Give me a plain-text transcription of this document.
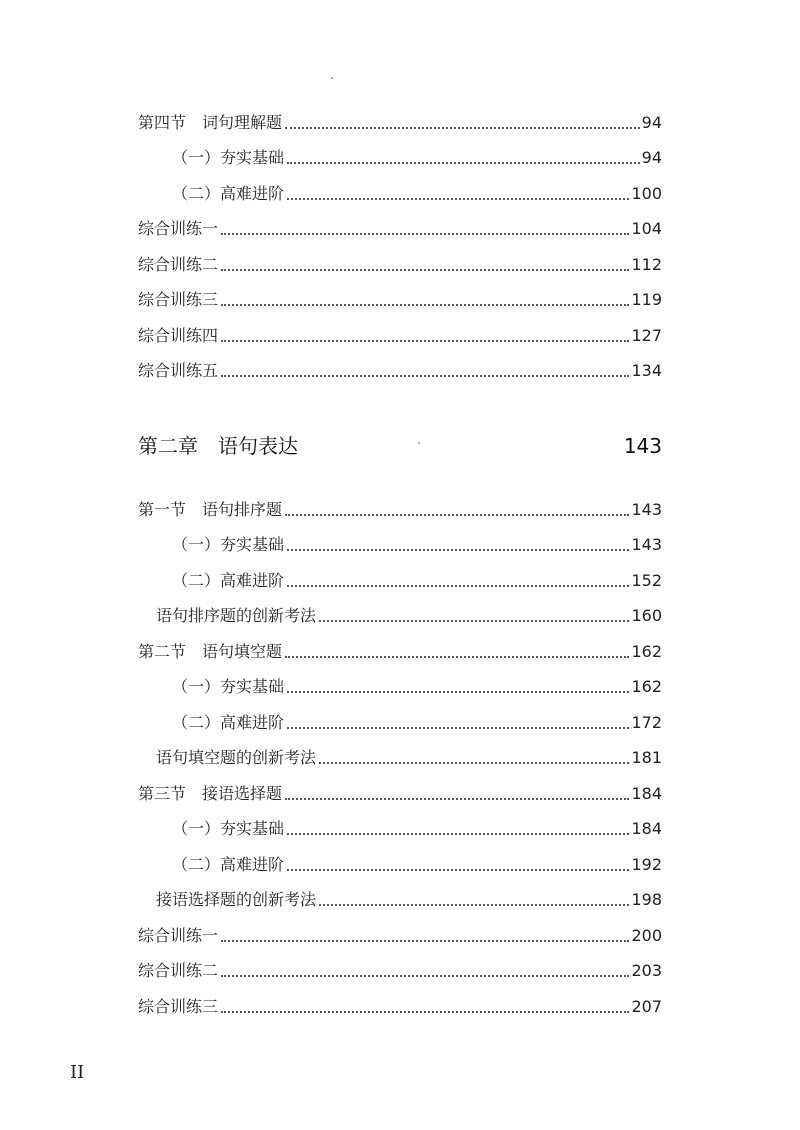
第四节　词句理解题	94
（一）夯实基础	94
（二）高难进阶	100
综合训练一	104
综合训练二	112
综合训练三	119
综合训练四	127
综合训练五	134
第二章　语句表达	143
第一节　语句排序题	143
（一）夯实基础	143
（二）高难进阶	152
语句排序题的创新考法	160
第二节　语句填空题	162
（一）夯实基础	162
（二）高难进阶	172
语句填空题的创新考法	181
第三节　接语选择题	184
（一）夯实基础	184
（二）高难进阶	192
接语选择题的创新考法	198
综合训练一	200
综合训练二	203
综合训练三	207
II
